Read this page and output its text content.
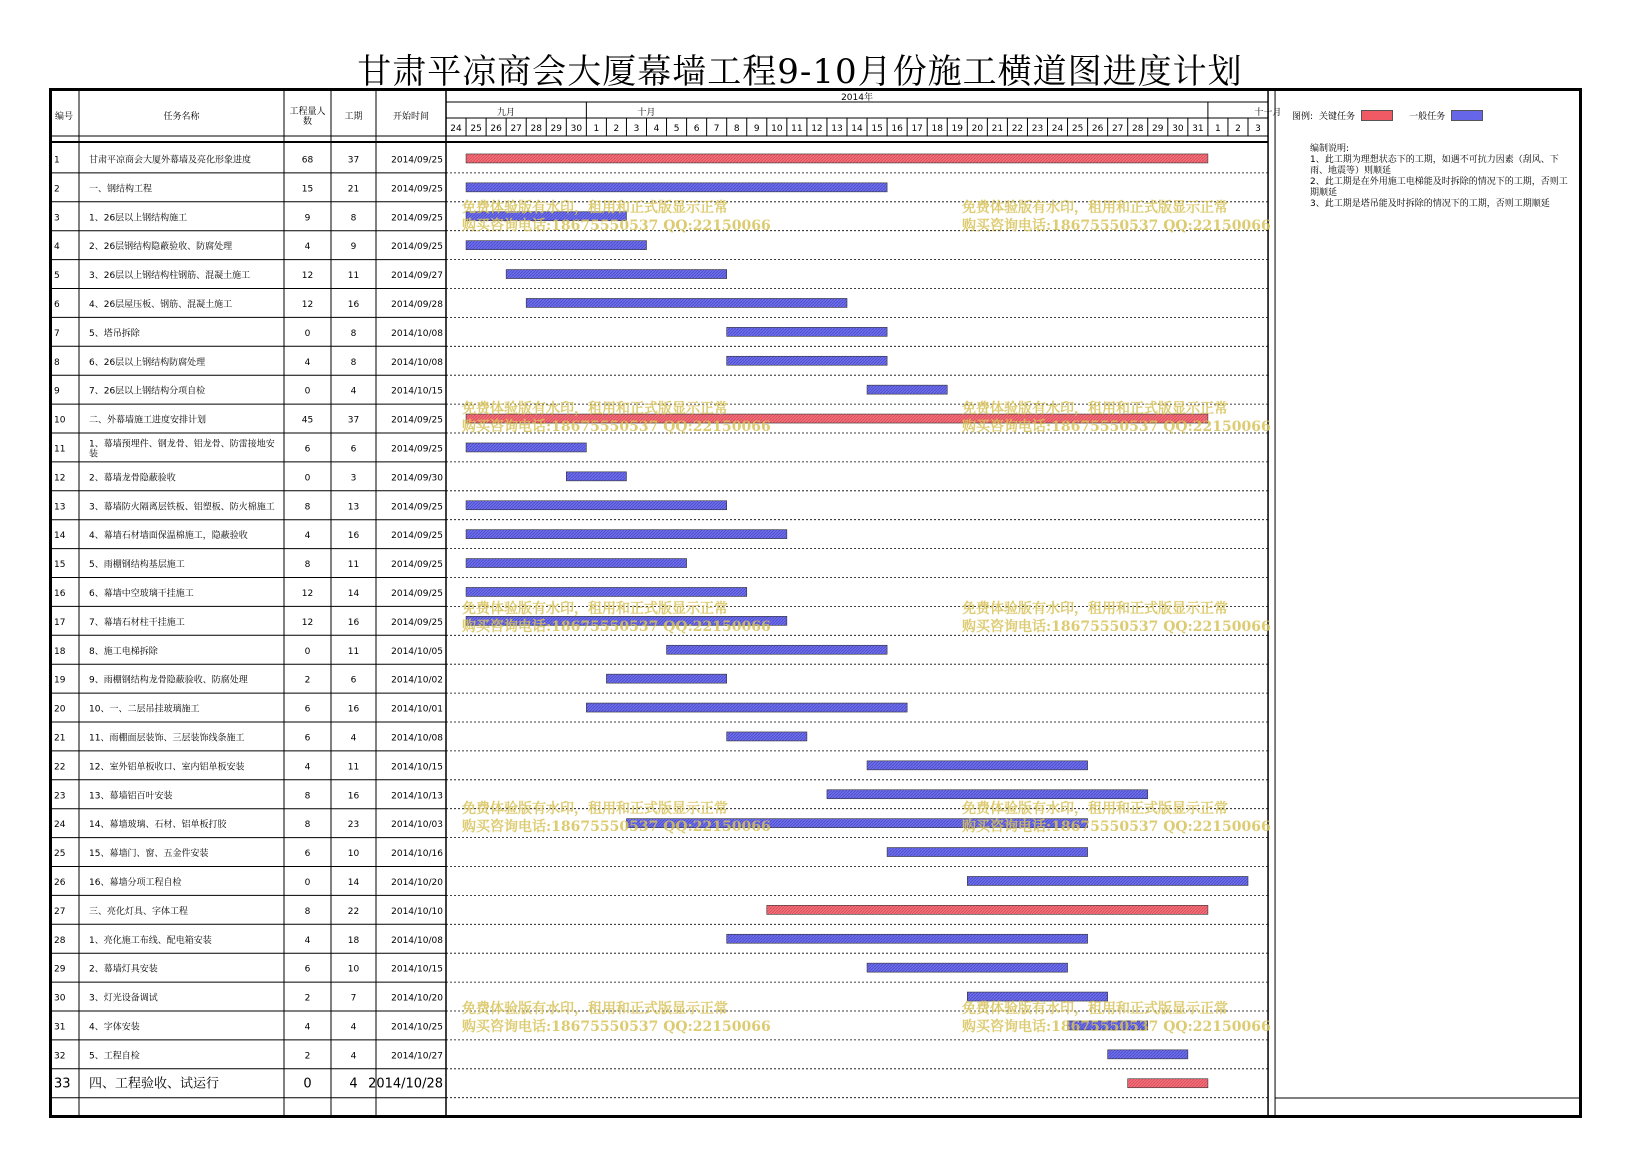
甘肃平凉商会大厦幕墙工程9-10月份施工横道图进度计划
编号	任务名称	工程量人数	工期	开始时间
2014年
九月	十月	十一月
24 25 26 27 28 29 30 1 2 3 4 5 6 7 8 9 10 11 12 13 14 15 16 17 18 19 20 21 22 23 24 25 26 27 28 29 30 31 1 2 3
1	甘肃平凉商会大厦外幕墙及亮化形象进度	68	37	2014/09/25
2	一、钢结构工程	15	21	2014/09/25
3	1、26层以上钢结构施工	9	8	2014/09/25
4	2、26层钢结构隐蔽验收、防腐处理	4	9	2014/09/25
5	3、26层以上钢结构柱钢筋、混凝土施工	12	11	2014/09/27
6	4、26层屋压板、钢筋、混凝土施工	12	16	2014/09/28
7	5、塔吊拆除	0	8	2014/10/08
8	6、26层以上钢结构防腐处理	4	8	2014/10/08
9	7、26层以上钢结构分项自检	0	4	2014/10/15
10	二、外幕墙施工进度安排计划	45	37	2014/09/25
11	1、幕墙预埋件、钢龙骨、铝龙骨、防雷接地安装	6	6	2014/09/25
12	2、幕墙龙骨隐蔽验收	0	3	2014/09/30
13	3、幕墙防火隔离层铁板、铝塑板、防火棉施工	8	13	2014/09/25
14	4、幕墙石材墙面保温棉施工，隐蔽验收	4	16	2014/09/25
15	5、雨棚钢结构基层施工	8	11	2014/09/25
16	6、幕墙中空玻璃干挂施工	12	14	2014/09/25
17	7、幕墙石材柱干挂施工	12	16	2014/09/25
18	8、施工电梯拆除	0	11	2014/10/05
19	9、雨棚钢结构龙骨隐蔽验收、防腐处理	2	6	2014/10/02
20	10、一、二层吊挂玻璃施工	6	16	2014/10/01
21	11、雨棚面层装饰、三层装饰线条施工	6	4	2014/10/08
22	12、室外铝单板收口、室内铝单板安装	4	11	2014/10/15
23	13、幕墙铝百叶安装	8	16	2014/10/13
24	14、幕墙玻璃、石材、铝单板打胶	8	23	2014/10/03
25	15、幕墙门、窗、五金件安装	6	10	2014/10/16
26	16、幕墙分项工程自检	0	14	2014/10/20
27	三、亮化灯具、字体工程	8	22	2014/10/10
28	1、亮化施工布线、配电箱安装	4	18	2014/10/08
29	2、幕墙灯具安装	6	10	2014/10/15
30	3、灯光设备调试	2	7	2014/10/20
31	4、字体安装	4	4	2014/10/25
32	5、工程自检	2	4	2014/10/27
33 四、工程验收、试运行	0	4 2014/10/28
图例: 关键任务	一般任务
编制说明:
1、此工期为理想状态下的工期，如遇不可抗力因素（刮风、下雨、地震等）则顺延
2、此工期是在外用施工电梯能及时拆除的情况下的工期，否则工期顺延
3、此工期是塔吊能及时拆除的情况下的工期，否则工期顺延
免费体验版有水印，租用和正式版显示正常
购买咨询电话:18675550537 QQ:22150066
免费体验版有水印，租用和正式版显示正常
购买咨询电话:18675550537 QQ:22150066
免费体验版有水印，租用和正式版显示正常
购买咨询电话:18675550537 QQ:22150066
免费体验版有水印，租用和正式版显示正常
购买咨询电话:18675550537 QQ:22150066
免费体验版有水印，租用和正式版显示正常
购买咨询电话:18675550537 QQ:22150066
免费体验版有水印，租用和正式版显示正常
购买咨询电话:18675550537 QQ:22150066
免费体验版有水印，租用和正式版显示正常
购买咨询电话:18675550537 QQ:22150066
免费体验版有水印，租用和正式版显示正常
购买咨询电话:18675550537 QQ:22150066
免费体验版有水印，租用和正式版显示正常
购买咨询电话:18675550537 QQ:22150066
免费体验版有水印，租用和正式版显示正常
购买咨询电话:18675550537 QQ:22150066
